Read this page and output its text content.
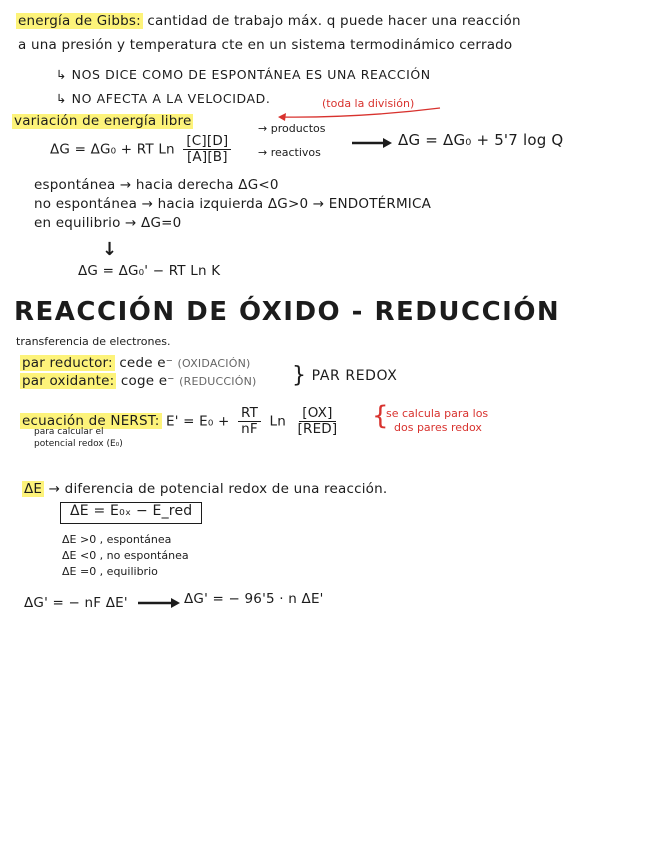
energía de Gibbs: cantidad de trabajo máx. q puede hacer una reacción
a una presión y temperatura cte en un sistema termodinámico cerrado
↳ NOS DICE COMO DE ESPONTÁNEA ES UNA REACCIÓN
↳ NO AFECTA A LA VELOCIDAD.
variación de energía libre
(toda la división)
ΔG = ΔG₀ + RT Ln $\frac{[C][D]}{[A][B]}$
→ productos
→ reactivos
ΔG = ΔG₀ + 5'7 log Q
espontánea → hacia derecha ΔG<0
no espontánea → hacia izquierda ΔG>0 → ENDOTÉRMICA
en equilibrio → ΔG=0
↓
ΔG = ΔG₀' − RT Ln K
REACCIÓN DE ÓXIDO - REDUCCIÓN
transferencia de electrones.
par reductor: cede e⁻ (OXIDACIÓN)
par oxidante: coge e⁻ (REDUCCIÓN) } PAR REDOX
ecuación de NERST: $E' = E_0 + \frac{RT}{nF}$ Ln $\frac{[OX]}{\text{[RED]}}$
para calcular el
potencial redox (E₀)
{
se calcula para los
dos pares redox
ΔE → diferencia de potencial redox de una reacción.
ΔE = E₀ₓ − E_red
ΔE >0 , espontánea
ΔE <0 , no espontánea
ΔE =0 , equilibrio
ΔG' = − nF ΔE'	ΔG' = − 96'5 · n ΔE'
